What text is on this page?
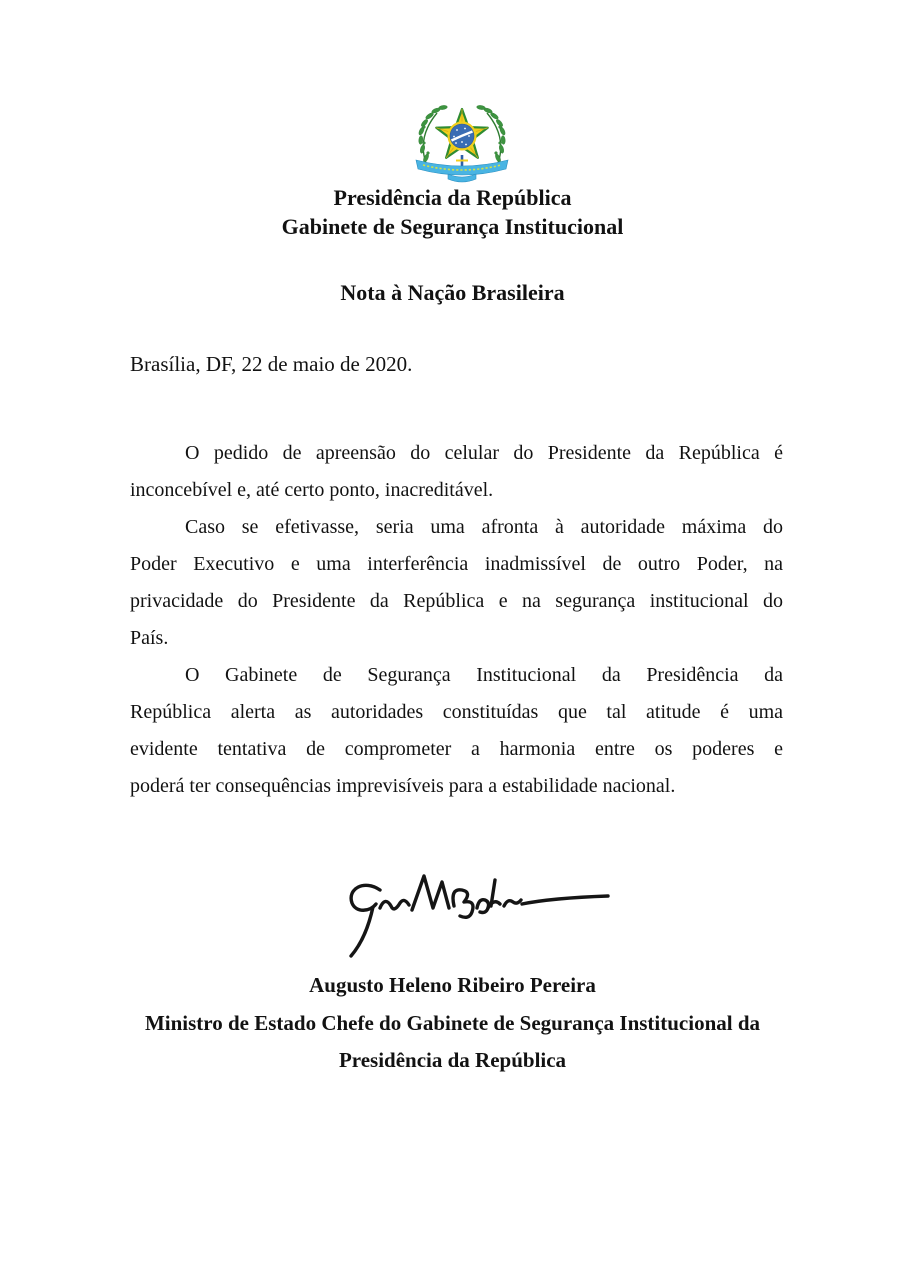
Presidência da República
Gabinete de Segurança Institucional
Nota à Nação Brasileira
Brasília, DF, 22 de maio de 2020.
O pedido de apreensão do celular do Presidente da República é
inconcebível e, até certo ponto, inacreditável.
Caso se efetivasse, seria uma afronta à autoridade máxima do
Poder Executivo e uma interferência inadmissível de outro Poder, na
privacidade do Presidente da República e na segurança institucional do
País.
O Gabinete de Segurança Institucional da Presidência da
República alerta as autoridades constituídas que tal atitude é uma
evidente tentativa de comprometer a harmonia entre os poderes e
poderá ter consequências imprevisíveis para a estabilidade nacional.
Augusto Heleno Ribeiro Pereira
Ministro de Estado Chefe do Gabinete de Segurança Institucional da
Presidência da República
